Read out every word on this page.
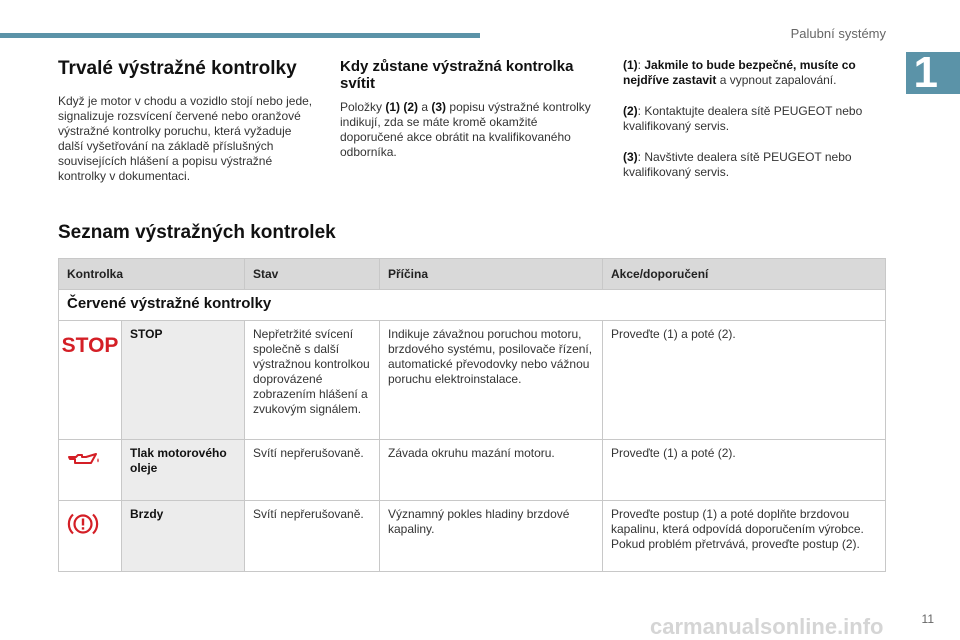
Palubní systémy
1
Trvalé výstražné kontrolky

Když je motor v chodu a vozidlo stojí nebo jede, signalizuje rozsvícení červené nebo oranžové výstražné kontrolky poruchu, která vyžaduje další vyšetřování na základě příslušných souvisejících hlášení a popisu výstražné kontrolky v dokumentaci.

Kdy zůstane výstražná kontrolka svítit

Položky (1) (2) a (3) popisu výstražné kontrolky indikují, zda se máte kromě okamžité doporučené akce obrátit na kvalifikovaného odborníka.

(1): Jakmile to bude bezpečné, musíte co nejdříve zastavit a vypnout zapalování.

(2): Kontaktujte dealera sítě PEUGEOT nebo kvalifikovaný servis.

(3): Navštivte dealera sítě PEUGEOT nebo kvalifikovaný servis.

Seznam výstražných kontrolek
Kontrolka		Stav	Příčina	Akce/doporučení
Červené výstražné kontrolky				

STOP	STOP	Nepřetržité svícení společně s další výstražnou kontrolkou doprovázené zobrazením hlášení a zvukovým signálem.	Indikuje závažnou poruchou motoru, brzdového systému, posilovače řízení, automatické převodovky nebo vážnou poruchu elektroinstalace.	Proveďte (1) a poté (2).
	Tlak motorového oleje	Svítí nepřerušovaně.	Závada okruhu mazání motoru.	Proveďte (1) a poté (2).
	Brzdy	Svítí nepřerušovaně.	Významný pokles hladiny brzdové kapaliny.	Proveďte postup (1) a poté doplňte brzdovou kapalinu, která odpovídá doporučením výrobce. Pokud problém přetrvává, proveďte postup (2).
carmanualsonline.info	11
